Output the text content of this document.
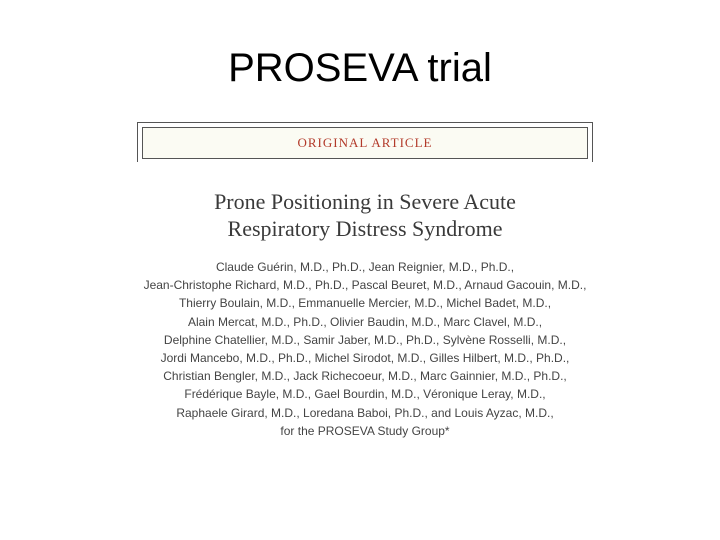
PROSEVA trial
ORIGINAL ARTICLE
Prone Positioning in Severe Acute
Respiratory Distress Syndrome
Claude Guérin, M.D., Ph.D., Jean Reignier, M.D., Ph.D.,
Jean-Christophe Richard, M.D., Ph.D., Pascal Beuret, M.D., Arnaud Gacouin, M.D.,
Thierry Boulain, M.D., Emmanuelle Mercier, M.D., Michel Badet, M.D.,
Alain Mercat, M.D., Ph.D., Olivier Baudin, M.D., Marc Clavel, M.D.,
Delphine Chatellier, M.D., Samir Jaber, M.D., Ph.D., Sylvène Rosselli, M.D.,
Jordi Mancebo, M.D., Ph.D., Michel Sirodot, M.D., Gilles Hilbert, M.D., Ph.D.,
Christian Bengler, M.D., Jack Richecoeur, M.D., Marc Gainnier, M.D., Ph.D.,
Frédérique Bayle, M.D., Gael Bourdin, M.D., Véronique Leray, M.D.,
Raphaele Girard, M.D., Loredana Baboi, Ph.D., and Louis Ayzac, M.D.,
for the PROSEVA Study Group*
